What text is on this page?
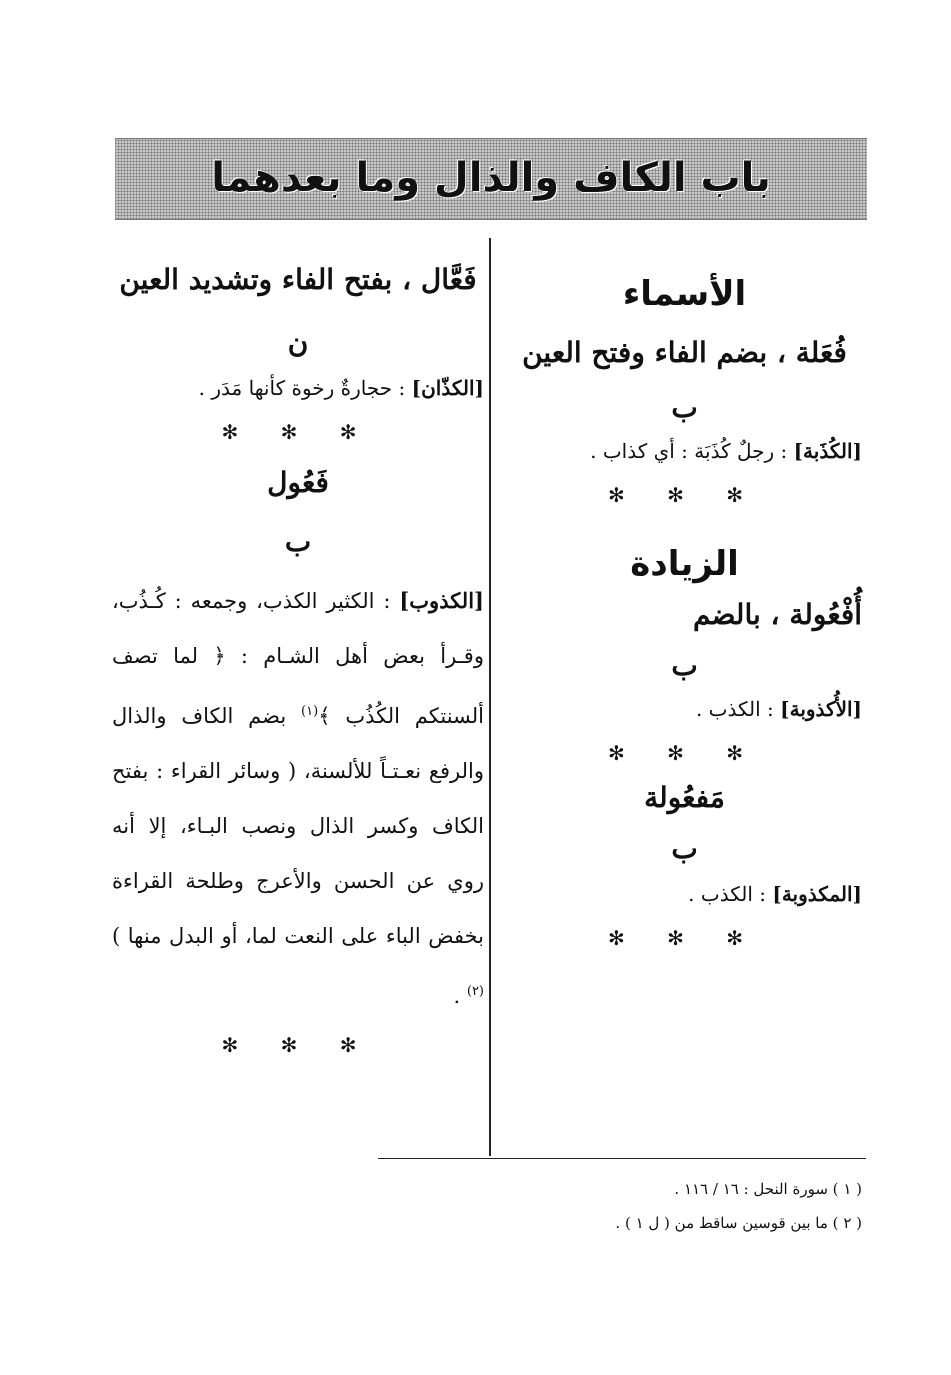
باب الكاف والذال وما بعدهما

الأسماء

فُعَلة ، بضم الفاء وفتح العين

ب

[الكُذَبة] : رجلٌ كُذَبَة : أي كذاب .

✻ ✻ ✻

الزيادة

أُفْعُولة ، بالضم

ب

[الأُكذوبة] : الكذب .

✻ ✻ ✻

مَفعُولة

ب

[المكذوبة] : الكذب .

✻ ✻ ✻

فَعَّال ، بفتح الفاء وتشديد العين

ن

[الكذّان] : حجارةٌ رخوة كأنها مَدَر .

✻ ✻ ✻

فَعُول

ب

[الكذوب] : الكثير الكذب، وجمعه : كُـذُب، وقـرأ بعض أهل الشـام : ﴿ لما تصف ألسنتكم الكُذُب ﴾$^{(١)}$ بضم الكاف والذال والرفع نعـتـاً للألسنة، ( وسائر القراء : بفتح الكاف وكسر الذال ونصب البـاء، إلا أنه روي عن الحسن والأعرج وطلحة القراءة بخفض الباء على النعت لما، أو البدل منها )$^{(٢)}$ .

✻ ✻ ✻

( ١ ) سورة النحل : ١٦ / ١١٦ .

( ٢ ) ما بين قوسين ساقط من ( ل ١ ) .
